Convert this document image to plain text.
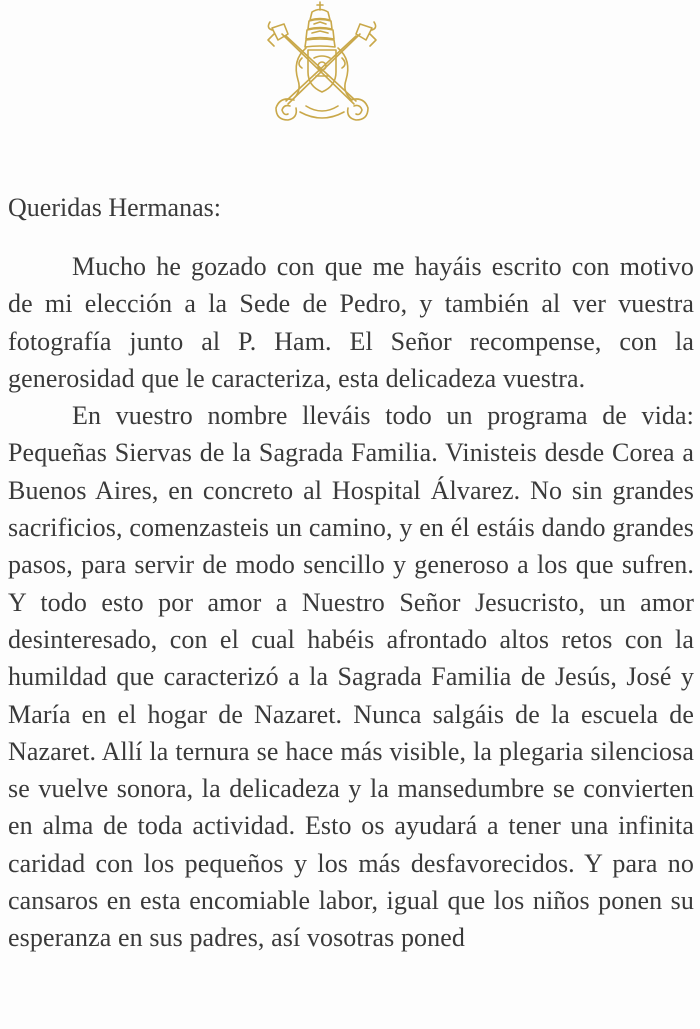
Queridas Hermanas:

Mucho he gozado con que me hayáis escrito con motivo de mi elección a la Sede de Pedro, y también al ver vuestra fotografía junto al P. Ham. El Señor recompense, con la generosidad que le caracteriza, esta delicadeza vuestra.

En vuestro nombre lleváis todo un programa de vida: Pequeñas Siervas de la Sagrada Familia. Vinisteis desde Corea a Buenos Aires, en concreto al Hospital Álvarez. No sin grandes sacrificios, comenzasteis un camino, y en él estáis dando grandes pasos, para servir de modo sencillo y generoso a los que sufren. Y todo esto por amor a Nuestro Señor Jesucristo, un amor desinteresado, con el cual habéis afrontado altos retos con la humildad que caracterizó a la Sagrada Familia de Jesús, José y María en el hogar de Nazaret. Nunca salgáis de la escuela de Nazaret. Allí la ternura se hace más visible, la plegaria silenciosa se vuelve sonora, la delicadeza y la mansedumbre se convierten en alma de toda actividad. Esto os ayudará a tener una infinita caridad con los pequeños y los más desfavorecidos. Y para no cansaros en esta encomiable labor, igual que los niños ponen su esperanza en sus padres, así vosotras poned
